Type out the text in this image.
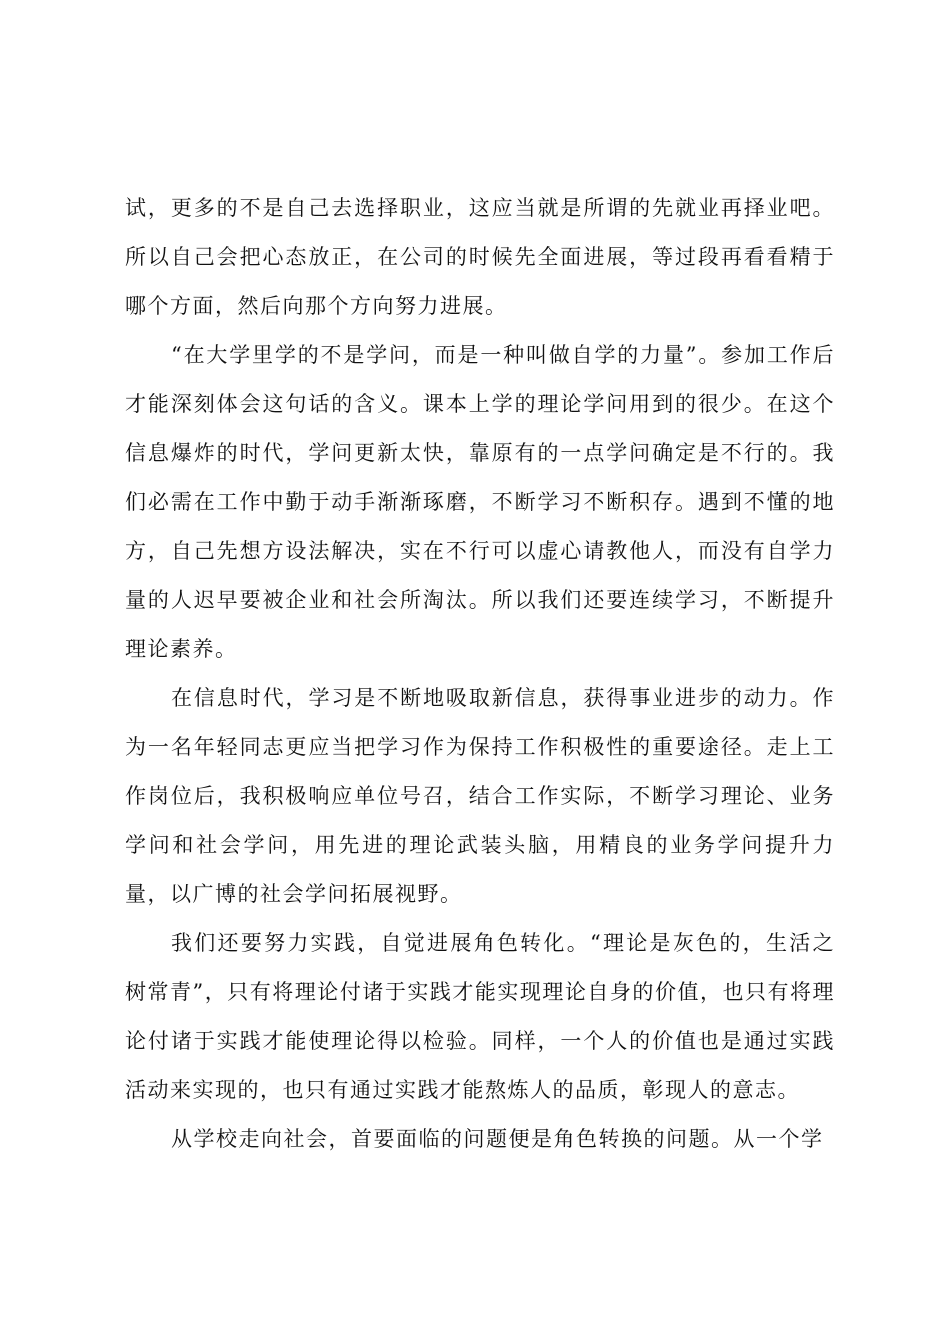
试，更多的不是自己去选择职业，这应当就是所谓的先就业再择业吧。所以自己会把心态放正，在公司的时候先全面进展，等过段再看看精于哪个方面，然后向那个方向努力进展。

“在大学里学的不是学问，而是一种叫做自学的力量”。参加工作后才能深刻体会这句话的含义。课本上学的理论学问用到的很少。在这个信息爆炸的时代，学问更新太快，靠原有的一点学问确定是不行的。我们必需在工作中勤于动手渐渐琢磨，不断学习不断积存。遇到不懂的地方，自己先想方设法解决，实在不行可以虚心请教他人，而没有自学力量的人迟早要被企业和社会所淘汰。所以我们还要连续学习，不断提升理论素养。

在信息时代，学习是不断地吸取新信息，获得事业进步的动力。作为一名年轻同志更应当把学习作为保持工作积极性的重要途径。走上工作岗位后，我积极响应单位号召，结合工作实际，不断学习理论、业务学问和社会学问，用先进的理论武装头脑，用精良的业务学问提升力量，以广博的社会学问拓展视野。

我们还要努力实践，自觉进展角色转化。“理论是灰色的，生活之树常青”，只有将理论付诸于实践才能实现理论自身的价值，也只有将理论付诸于实践才能使理论得以检验。同样，一个人的价值也是通过实践活动来实现的，也只有通过实践才能熬炼人的品质，彰现人的意志。

从学校走向社会，首要面临的问题便是角色转换的问题。从一个学
